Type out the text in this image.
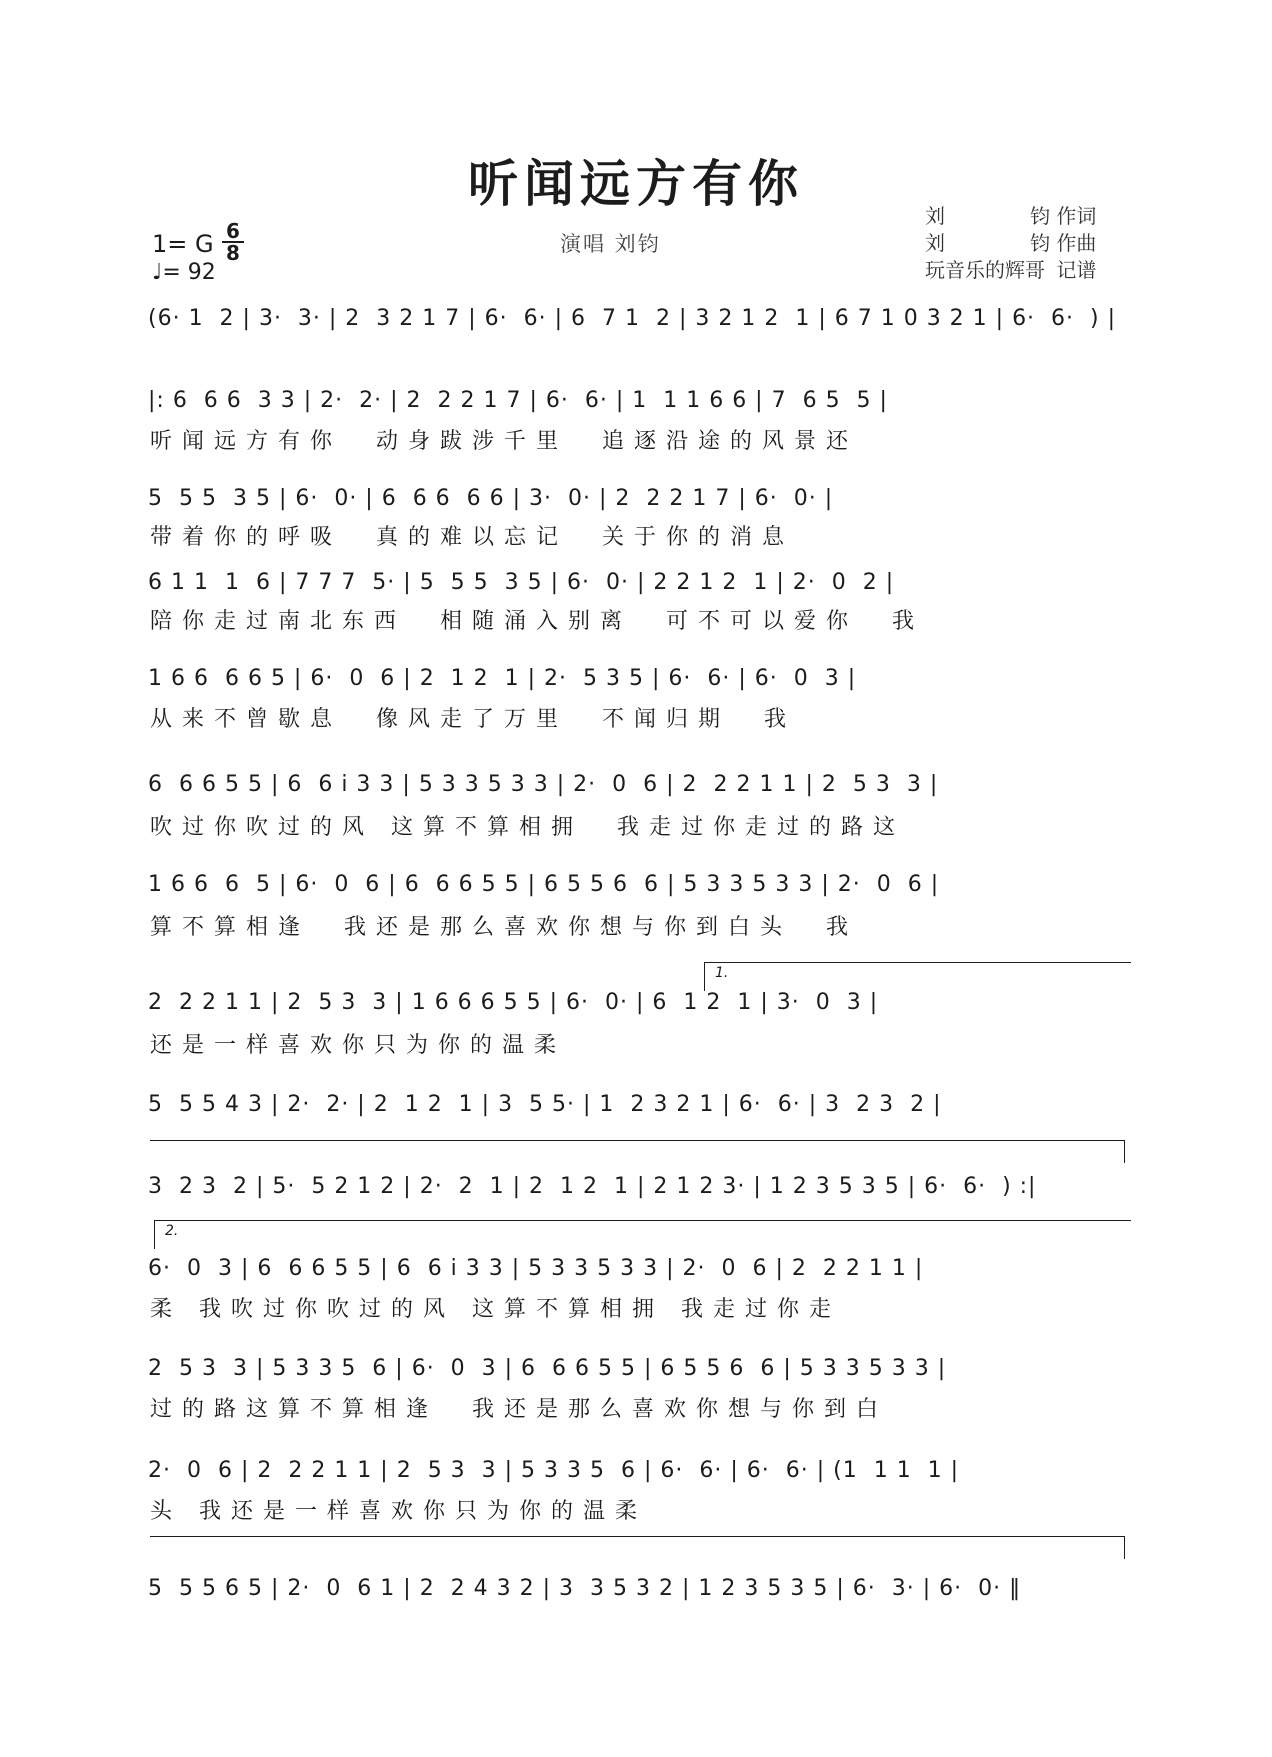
听闻远方有你
1= G 6
8
♩= 92
演唱 刘钧
刘钧 作词
刘钧 作曲
玩音乐的辉哥 记谱
(6· 1  2 | 3·  3· | 2  3 2 1 7 | 6·  6· | 6  7 1  2 | 3 2 1 2  1 | 6 7 1 0 3 2 1 | 6·  6·  ) |
|: 6  6 6  3 3 | 2·  2· | 2  2 2 1 7 | 6·  6· | 1  1 1 6 6 | 7  6 5  5 |
听闻远方有你  动身跋涉千里  追逐沿途的风景还
5  5 5  3 5 | 6·  0· | 6  6 6  6 6 | 3·  0· | 2  2 2 1 7 | 6·  0· |
带着你的呼吸  真的难以忘记  关于你的消息
6 1 1  1  6 | 7 7 7  5· | 5  5 5  3 5 | 6·  0· | 2 2 1 2  1 | 2·  0  2 |
陪你走过南北东西  相随涌入别离  可不可以爱你  我
1 6 6  6 6 5 | 6·  0  6 | 2  1 2  1 | 2·  5 3 5 | 6·  6· | 6·  0  3 |
从来不曾歇息  像风走了万里  不闻归期  我
6  6 6 5 5 | 6  6 i 3 3 | 5 3 3 5 3 3 | 2·  0  6 | 2  2 2 1 1 | 2  5 3  3 |
吹过你吹过的风 这算不算相拥  我走过你走过的路这
1 6 6  6  5 | 6·  0  6 | 6  6 6 5 5 | 6 5 5 6  6 | 5 3 3 5 3 3 | 2·  0  6 |
算不算相逢  我还是那么喜欢你想与你到白头  我
1.
2  2 2 1 1 | 2  5 3  3 | 1 6 6 6 5 5 | 6·  0· | 6  1 2  1 | 3·  0  3 |
还是一样喜欢你只为你的温柔
5  5 5 4 3 | 2·  2· | 2  1 2  1 | 3  5 5· | 1  2 3 2 1 | 6·  6· | 3  2 3  2 |
3  2 3  2 | 5·  5 2 1 2 | 2·  2  1 | 2  1 2  1 | 2 1 2 3· | 1 2 3 5 3 5 | 6·  6·  ) :|
2.
6·  0  3 | 6  6 6 5 5 | 6  6 i 3 3 | 5 3 3 5 3 3 | 2·  0  6 | 2  2 2 1 1 |
柔 我吹过你吹过的风 这算不算相拥 我走过你走
2  5 3  3 | 5 3 3 5  6 | 6·  0  3 | 6  6 6 5 5 | 6 5 5 6  6 | 5 3 3 5 3 3 |
过的路这算不算相逢  我还是那么喜欢你想与你到白
2·  0  6 | 2  2 2 1 1 | 2  5 3  3 | 5 3 3 5  6 | 6·  6· | 6·  6· | (1  1 1  1 |
头 我还是一样喜欢你只为你的温柔
5  5 5 6 5 | 2·  0  6 1 | 2  2 4 3 2 | 3  3 5 3 2 | 1 2 3 5 3 5 | 6·  3· | 6·  0· ‖
